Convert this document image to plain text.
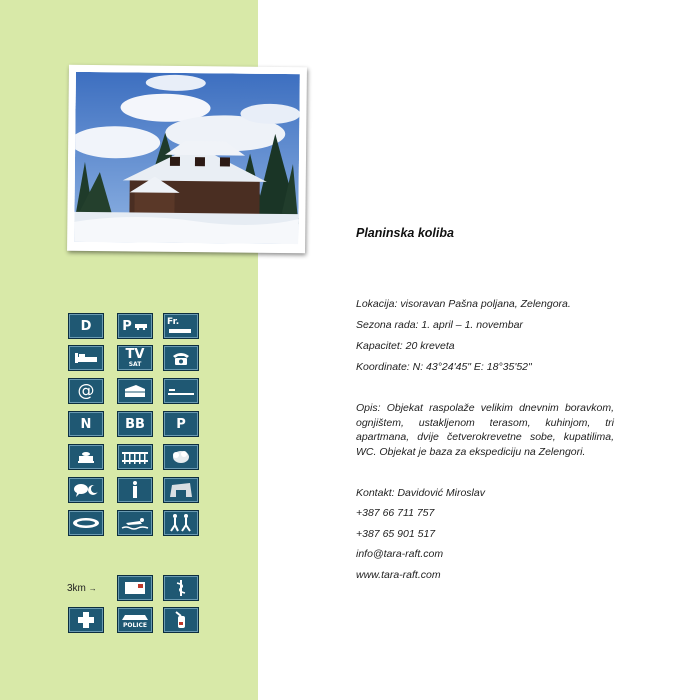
Planinska koliba
Lokacija: visoravan Pašna poljana, Zelengora.
Sezona rada: 1. april – 1. novembar
Kapacitet: 20 kreveta
Koordinate: N: 43°24'45" E: 18°35'52"
Opis: Objekat raspolaže velikim dnevnim boravkom, ognjištem, ustakljenom terasom, kuhinjom, tri apartmana, dvije četverokrevetne sobe, kupatilima, WC. Objekat je baza za ekspediciju na Zelengori.
Kontakt: Davidović Miroslav
+387 66 711 757
+387 65 901 517
info@tara-raft.com
www.tara-raft.com
D	P	Fr.
TV
SAT
@
N	BB	P
3km →
POLICE
